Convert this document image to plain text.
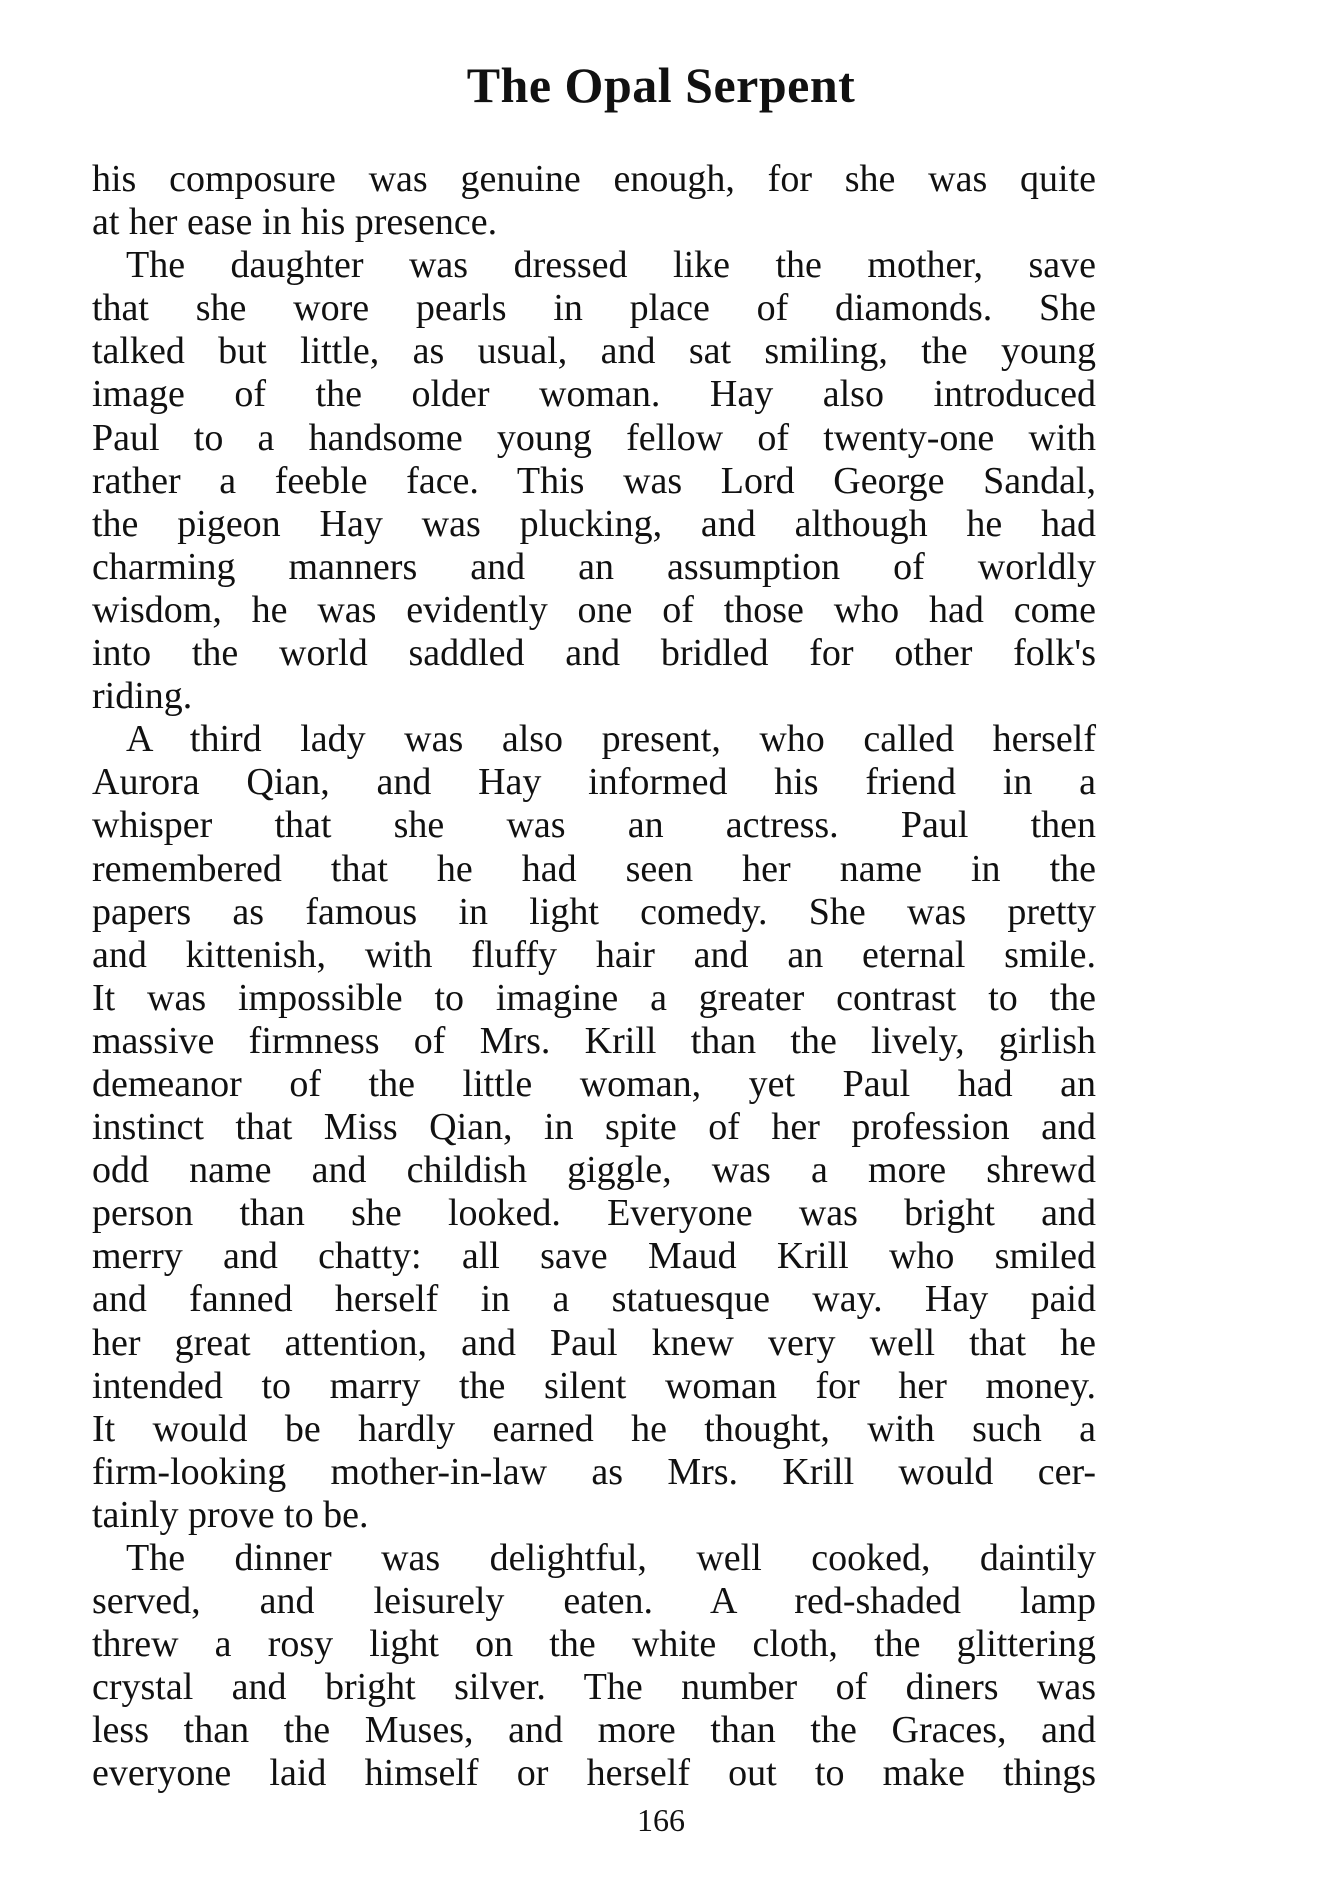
The Opal Serpent
his composure was genuine enough, for she was quite
at her ease in his presence.
The daughter was dressed like the mother, save
that she wore pearls in place of diamonds. She
talked but little, as usual, and sat smiling, the young
image of the older woman. Hay also introduced
Paul to a handsome young fellow of twenty-one with
rather a feeble face. This was Lord George Sandal,
the pigeon Hay was plucking, and although he had
charming manners and an assumption of worldly
wisdom, he was evidently one of those who had come
into the world saddled and bridled for other folk's
riding.
A third lady was also present, who called herself
Aurora Qian, and Hay informed his friend in a
whisper that she was an actress. Paul then
remembered that he had seen her name in the
papers as famous in light comedy. She was pretty
and kittenish, with fluffy hair and an eternal smile.
It was impossible to imagine a greater contrast to the
massive firmness of Mrs. Krill than the lively, girlish
demeanor of the little woman, yet Paul had an
instinct that Miss Qian, in spite of her profession and
odd name and childish giggle, was a more shrewd
person than she looked. Everyone was bright and
merry and chatty: all save Maud Krill who smiled
and fanned herself in a statuesque way. Hay paid
her great attention, and Paul knew very well that he
intended to marry the silent woman for her money.
It would be hardly earned he thought, with such a
firm-looking mother-in-law as Mrs. Krill would cer-
tainly prove to be.
The dinner was delightful, well cooked, daintily
served, and leisurely eaten. A red-shaded lamp
threw a rosy light on the white cloth, the glittering
crystal and bright silver. The number of diners was
less than the Muses, and more than the Graces, and
everyone laid himself or herself out to make things
166
